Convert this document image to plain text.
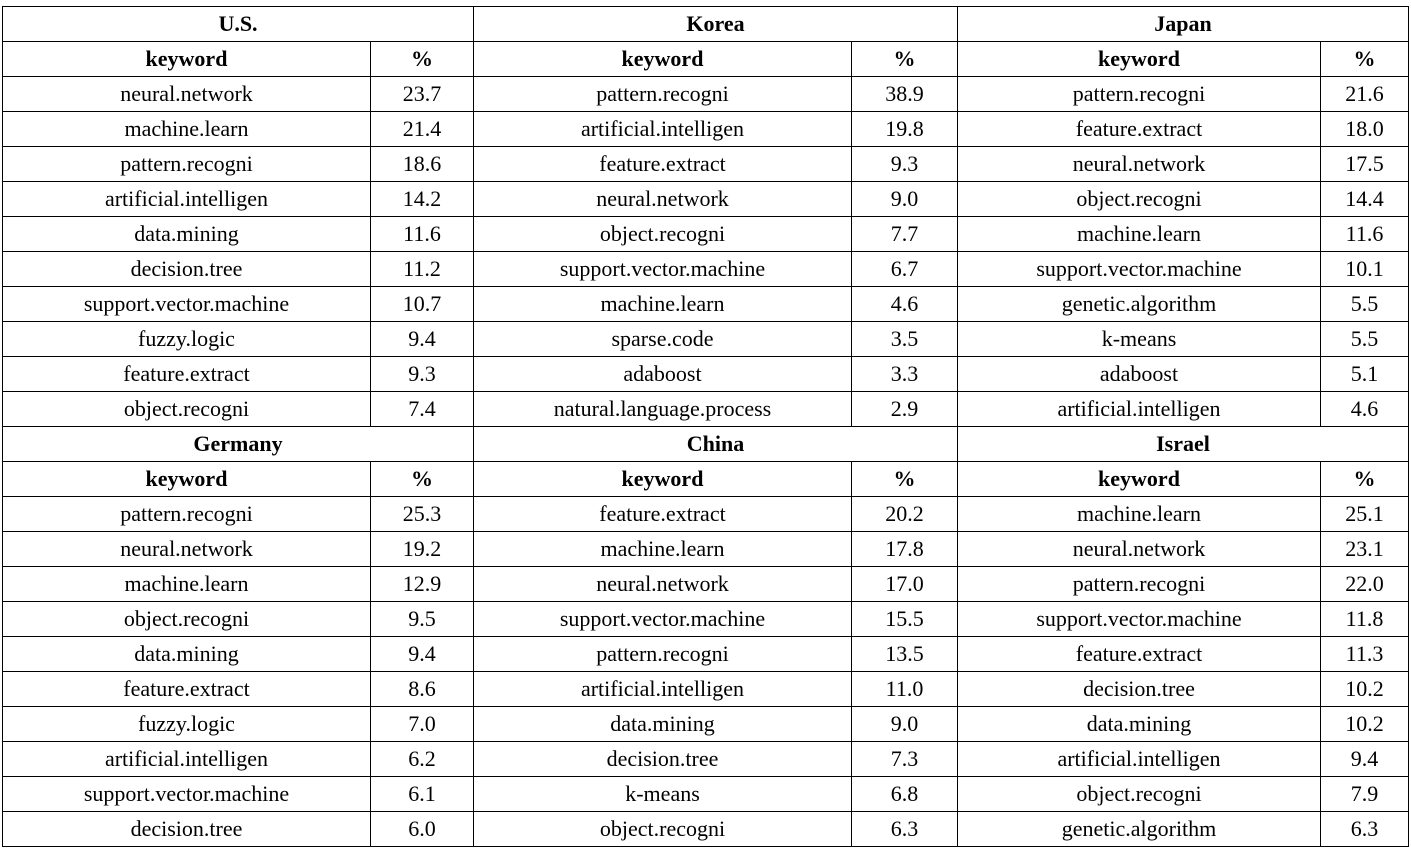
U.S.		Korea		Japan	
keyword	%	keyword	%	keyword	%
neural.network	23.7	pattern.recogni	38.9	pattern.recogni	21.6
machine.learn	21.4	artificial.intelligen	19.8	feature.extract	18.0
pattern.recogni	18.6	feature.extract	9.3	neural.network	17.5
artificial.intelligen	14.2	neural.network	9.0	object.recogni	14.4
data.mining	11.6	object.recogni	7.7	machine.learn	11.6
decision.tree	11.2	support.vector.machine	6.7	support.vector.machine	10.1
support.vector.machine	10.7	machine.learn	4.6	genetic.algorithm	5.5
fuzzy.logic	9.4	sparse.code	3.5	k-means	5.5
feature.extract	9.3	adaboost	3.3	adaboost	5.1
object.recogni	7.4	natural.language.process	2.9	artificial.intelligen	4.6
Germany		China		Israel	
keyword	%	keyword	%	keyword	%
pattern.recogni	25.3	feature.extract	20.2	machine.learn	25.1
neural.network	19.2	machine.learn	17.8	neural.network	23.1
machine.learn	12.9	neural.network	17.0	pattern.recogni	22.0
object.recogni	9.5	support.vector.machine	15.5	support.vector.machine	11.8
data.mining	9.4	pattern.recogni	13.5	feature.extract	11.3
feature.extract	8.6	artificial.intelligen	11.0	decision.tree	10.2
fuzzy.logic	7.0	data.mining	9.0	data.mining	10.2
artificial.intelligen	6.2	decision.tree	7.3	artificial.intelligen	9.4
support.vector.machine	6.1	k-means	6.8	object.recogni	7.9
decision.tree	6.0	object.recogni	6.3	genetic.algorithm	6.3
